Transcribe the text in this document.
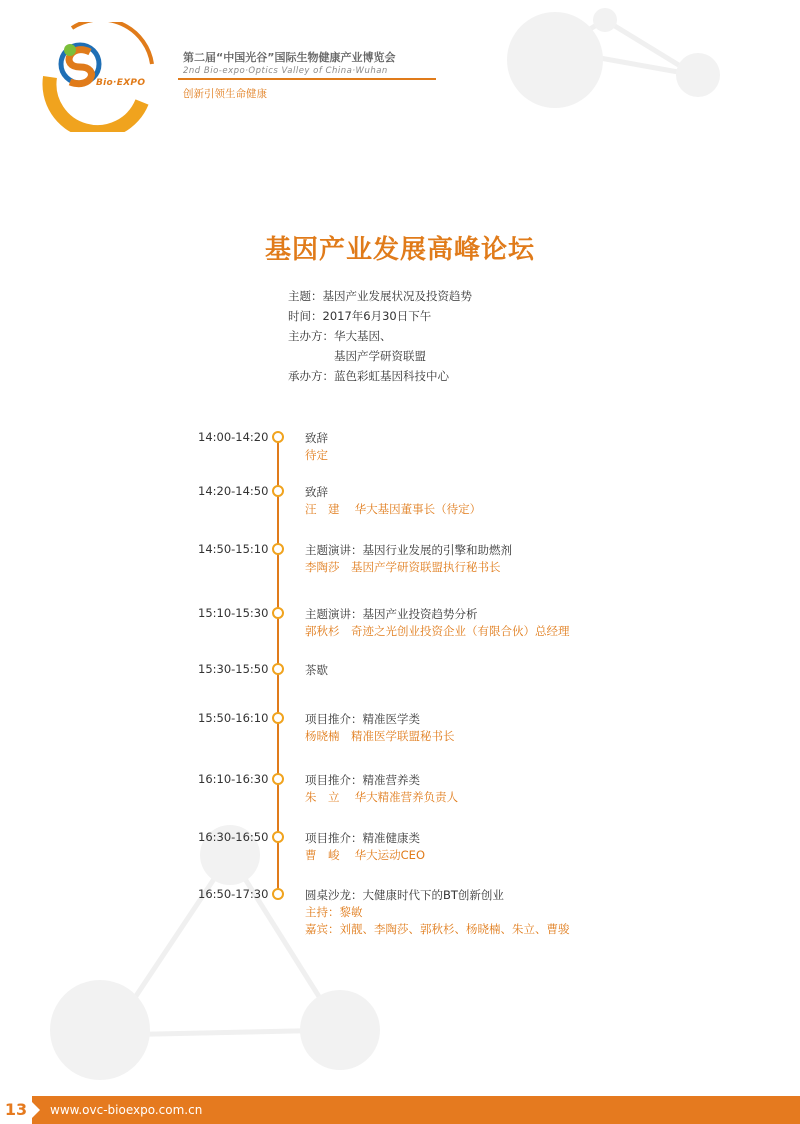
Bio·EXPO
第二届“中国光谷”国际生物健康产业博览会
2nd Bio-expo·Optics Valley of China·Wuhan
创新引领生命健康
基因产业发展高峰论坛
主题：基因产业发展状况及投资趋势
时间：2017年6月30日下午
主办方：华大基因、
基因产学研资联盟
承办方：蓝色彩虹基因科技中心
14:00-14:20	致辞
待定
14:20-14:50	致辞
汪　建　 华大基因董事长（待定）
14:50-15:10	主题演讲：基因行业发展的引擎和助燃剂
李陶莎　基因产学研资联盟执行秘书长
15:10-15:30	主题演讲：基因产业投资趋势分析
郭秋杉　奇迹之光创业投资企业（有限合伙）总经理
15:30-15:50	茶歇
15:50-16:10	项目推介：精准医学类
杨晓楠　精准医学联盟秘书长
16:10-16:30	项目推介：精准营养类
朱　立　 华大精准营养负责人
16:30-16:50	项目推介：精准健康类
曹　峻　 华大运动CEO
16:50-17:30	圆桌沙龙：大健康时代下的BT创新创业
主持：黎敏
嘉宾：刘靓、李陶莎、郭秋杉、杨晓楠、朱立、曹骏
13	www.ovc-bioexpo.com.cn
